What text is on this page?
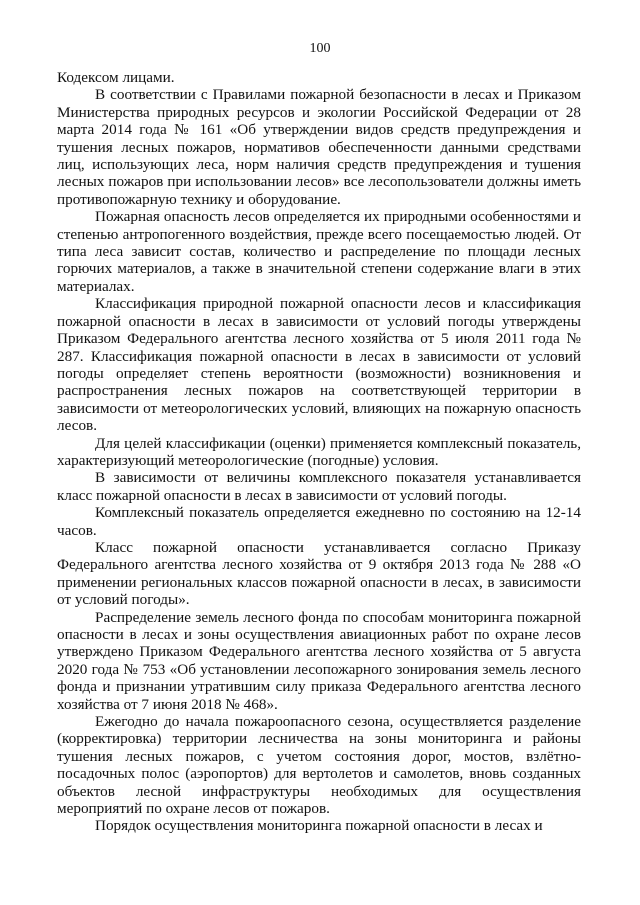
100

Кодексом лицами.

В соответствии с Правилами пожарной безопасности в лесах и Приказом Министерства природных ресурсов и экологии Российской Федерации от 28 марта 2014 года № 161 «Об утверждении видов средств предупреждения и тушения лесных пожаров, нормативов обеспеченности данными средствами лиц, использующих леса, норм наличия средств предупреждения и тушения лесных пожаров при использовании лесов» все лесопользователи должны иметь противопожарную технику и оборудование.

Пожарная опасность лесов определяется их природными особенностями и степенью антропогенного воздействия, прежде всего посещаемостью людей. От типа леса зависит состав, количество и распределение по площади лесных горючих материалов, а также в значительной степени содержание влаги в этих материалах.

Классификация природной пожарной опасности лесов и классификация пожарной опасности в лесах в зависимости от условий погоды утверждены Приказом Федерального агентства лесного хозяйства от 5 июля 2011 года № 287. Классификация пожарной опасности в лесах в зависимости от условий погоды определяет степень вероятности (возможности) возникновения и распространения лесных пожаров на соответствующей территории в зависимости от метеорологических условий, влияющих на пожарную опасность лесов.

Для целей классификации (оценки) применяется комплексный показатель, характеризующий метеорологические (погодные) условия.

В зависимости от величины комплексного показателя устанавливается класс пожарной опасности в лесах в зависимости от условий погоды.

Комплексный показатель определяется ежедневно по состоянию на 12-14 часов.

Класс пожарной опасности устанавливается согласно Приказу Федерального агентства лесного хозяйства от 9 октября 2013 года № 288 «О применении региональных классов пожарной опасности в лесах, в зависимости от условий погоды».

Распределение земель лесного фонда по способам мониторинга пожарной опасности в лесах и зоны осуществления авиационных работ по охране лесов утверждено Приказом Федерального агентства лесного хозяйства от 5 августа 2020 года № 753 «Об установлении лесопожарного зонирования земель лесного фонда и признании утратившим силу приказа Федерального агентства лесного хозяйства от 7 июня 2018 № 468».

Ежегодно до начала пожароопасного сезона, осуществляется разделение (корректировка) территории лесничества на зоны мониторинга и районы тушения лесных пожаров, с учетом состояния дорог, мостов, взлётно-посадочных полос (аэропортов) для вертолетов и самолетов, вновь созданных объектов лесной инфраструктуры необходимых для осуществления мероприятий по охране лесов от пожаров.

Порядок осуществления мониторинга пожарной опасности в лесах и
